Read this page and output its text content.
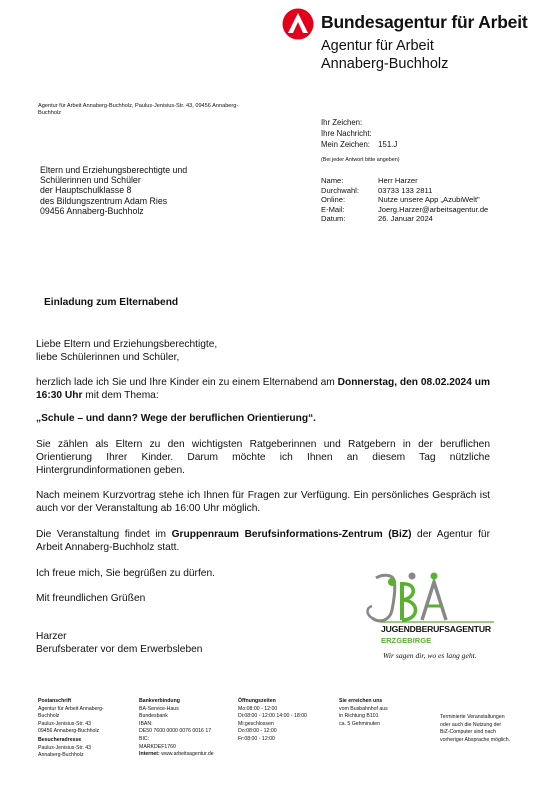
Bundesagentur für Arbeit
Agentur für Arbeit
Annaberg-Buchholz
Agentur für Arbeit Annaberg-Buchholz, Paulus-Jenisius-Str. 43, 09456 Annaberg-Buchholz
Ihr Zeichen:
Ihre Nachricht:
Mein Zeichen: 151.J
(Bei jeder Antwort bitte angeben)
Eltern und Erziehungsberechtigte und
Schülerinnen und Schüler
der Hauptschulklasse 8
des Bildungszentrum Adam Ries
09456 Annaberg-Buchholz
Name:	Herr Harzer
Durchwahl:	03733 133 2811
Online:	Nutze unsere App „AzubiWelt"
E-Mail:	Joerg.Harzer@arbeitsagentur.de
Datum:	26. Januar 2024
Einladung zum Elternabend
Liebe Eltern und Erziehungsberechtigte,
liebe Schülerinnen und Schüler,
herzlich lade ich Sie und Ihre Kinder ein zu einem Elternabend am Donnerstag, den 08.02.2024 um 16:30 Uhr mit dem Thema:
„Schule – und dann? Wege der beruflichen Orientierung“.
Sie zählen als Eltern zu den wichtigsten Ratgeberinnen und Ratgebern in der beruflichen Orientierung Ihrer Kinder. Darum möchte ich Ihnen an diesem Tag nützliche Hintergrundinformationen geben.
Nach meinem Kurzvortrag stehe ich Ihnen für Fragen zur Verfügung. Ein persönliches Gespräch ist auch vor der Veranstaltung ab 16:00 Uhr möglich.
Die Veranstaltung findet im Gruppenraum Berufsinformations-Zentrum (BiZ) der Agentur für Arbeit Annaberg-Buchholz statt.
Ich freue mich, Sie begrüßen zu dürfen.
Mit freundlichen Grüßen
Harzer
Berufsberater vor dem Erwerbsleben
JUGENDBERUFSAGENTUR
ERZGEBIRGE
Wir sagen dir, wo es lang geht.
Postanschrift
Agentur für Arbeit Annaberg-
Buchholz
Paulus-Jenisius-Str. 43
09456 Annaberg-Buchholz
Besucheradresse
Paulus-Jenisius-Str. 43
Annaberg-Buchholz
Bankverbindung
BA-Service-Haus
Bundesbank
IBAN:
DE50 7600 0000 0076 0016 17
BIC:
MARKDEF1760
Internet: www.arbeitsagentur.de
Öffnungszeiten
Mo:08:00 - 12:00
Di:08:00 - 12:00 14:00 - 18:00
Mi:geschlossen
Do:08:00 - 12:00
Fr:08:00 - 12:00
Sie erreichen uns
vom Busbahnhof aus
in Richtung B101
ca. 5 Gehminuten
Terminierte Veranstaltungen
oder auch die Nutzung der
BiZ-Computer sind nach
vorheriger Absprache möglich.
